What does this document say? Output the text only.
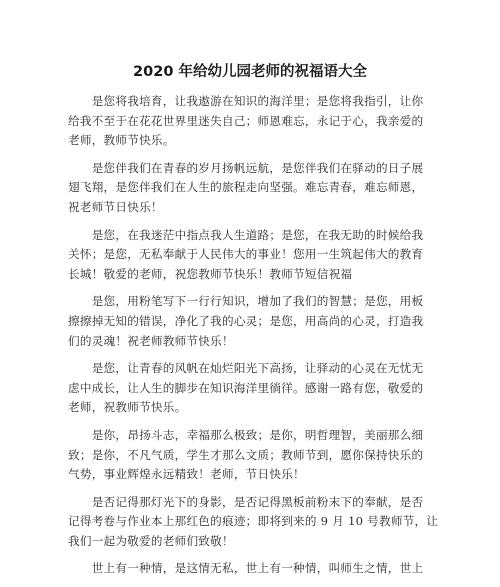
2020 年给幼儿园老师的祝福语大全
　　是您将我培育，让我遨游在知识的海洋里；是您将我指引，让你
给我不至于在花花世界里迷失自己；师恩难忘，永记于心，我亲爱的
老师，教师节快乐。
　　是您伴我们在青春的岁月扬帆远航，是您伴我们在驿动的日子展
翅飞翔，是您伴我们在人生的旅程走向坚强。难忘青春，难忘师恩，
祝老师节日快乐！
　　是您，在我迷茫中指点我人生道路；是您，在我无助的时候给我
关怀；是您，无私奉献于人民伟大的事业！您用一生筑起伟大的教育
长城！敬爱的老师，祝您教师节快乐！教师节短信祝福
　　是您，用粉笔写下一行行知识，增加了我们的智慧；是您，用板
擦擦掉无知的错误，净化了我的心灵；是您，用高尚的心灵，打造我
们的灵魂！祝老师教师节快乐！
　　是您，让青春的风帆在灿烂阳光下高扬，让驿动的心灵在无忧无
虑中成长，让人生的脚步在知识海洋里徜徉。感谢一路有您，敬爱的
老师，祝教师节快乐。
　　是你，昂扬斗志，幸福那么极致；是你，明哲理智，美丽那么细
致；是你，不凡气质，学生才那么文质；教师节到，愿你保持快乐的
气势，事业辉煌永远精致！老师，节日快乐！
　　是否记得那灯光下的身影，是否记得黑板前粉末下的奉献，是否
记得考卷与作业本上那红色的痕迹；即将到来的 9 月 10 号教师节，让
我们一起为敬爱的老师们致敬！
　　世上有一种情，是这情无私，世上有一种情，叫师生之情，世上
